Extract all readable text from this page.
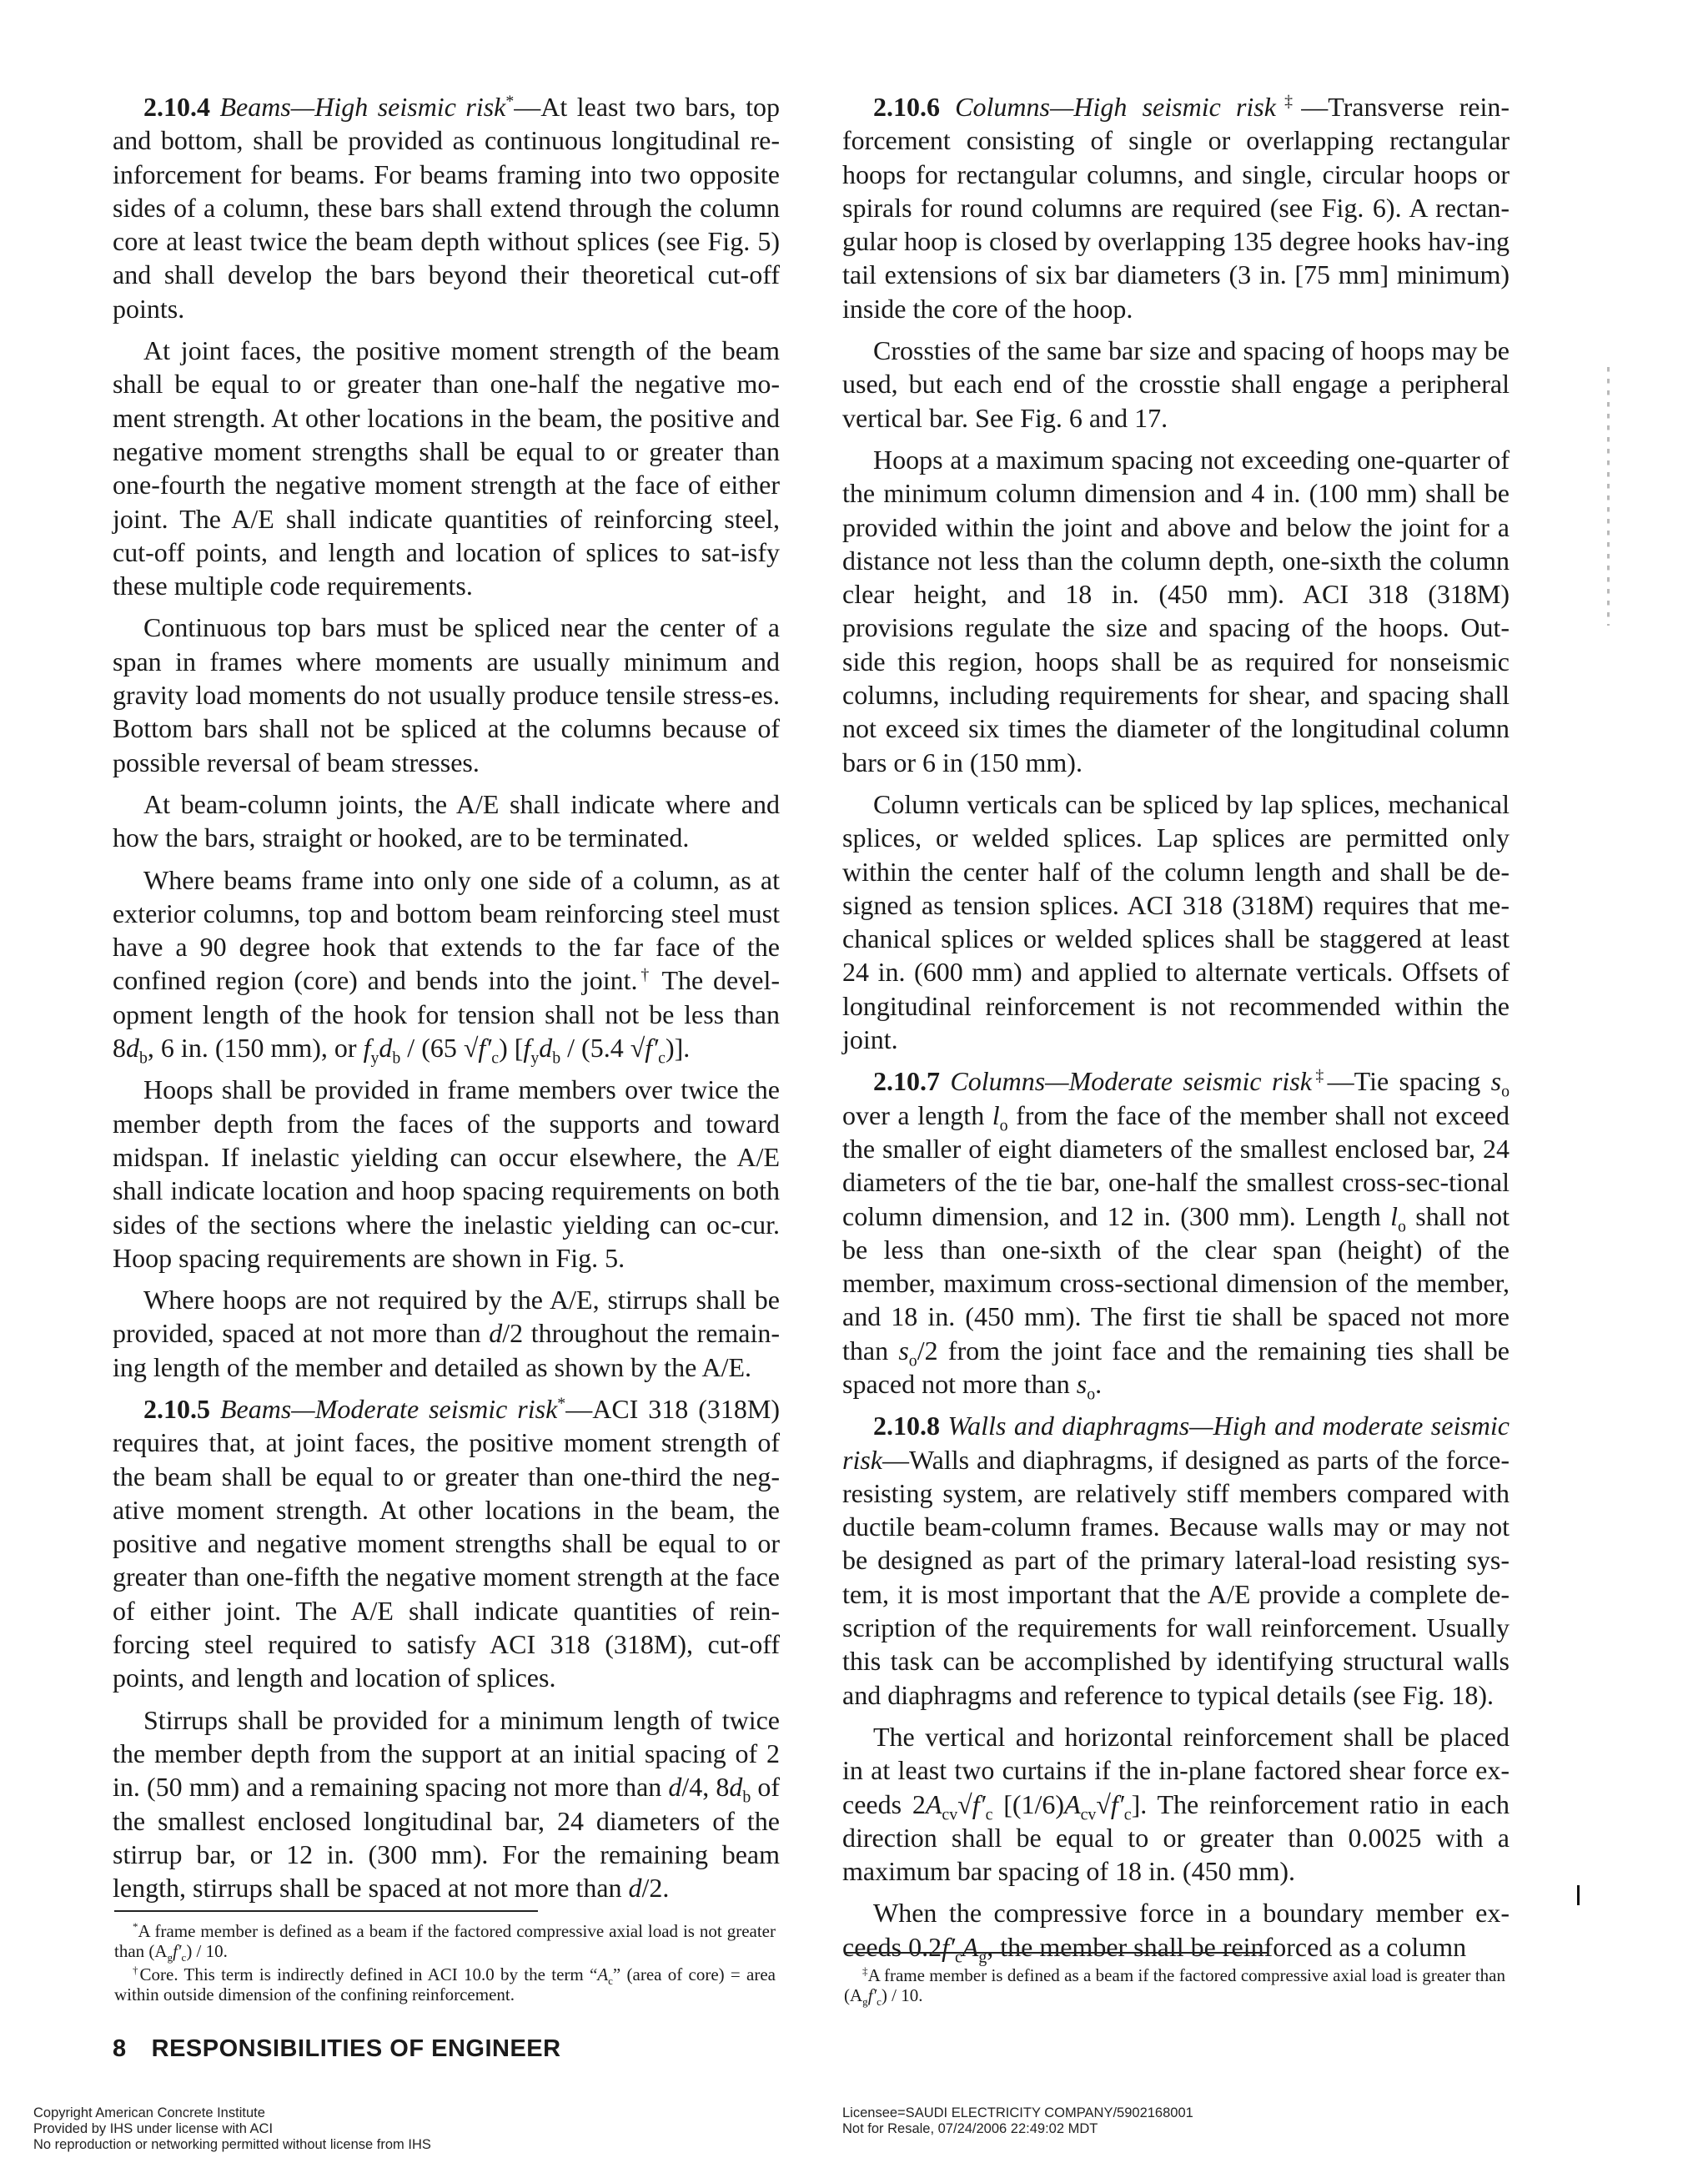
2.10.4 Beams—High seismic risk*—At least two bars, top and bottom, shall be provided as continuous longitudinal re-inforcement for beams. For beams framing into two opposite sides of a column, these bars shall extend through the column core at least twice the beam depth without splices (see Fig. 5) and shall develop the bars beyond their theoretical cut-off points.

At joint faces, the positive moment strength of the beam shall be equal to or greater than one-half the negative mo-ment strength. At other locations in the beam, the positive and negative moment strengths shall be equal to or greater than one-fourth the negative moment strength at the face of either joint. The A/E shall indicate quantities of reinforcing steel, cut-off points, and length and location of splices to sat-isfy these multiple code requirements.

Continuous top bars must be spliced near the center of a span in frames where moments are usually minimum and gravity load moments do not usually produce tensile stress-es. Bottom bars shall not be spliced at the columns because of possible reversal of beam stresses.

At beam-column joints, the A/E shall indicate where and how the bars, straight or hooked, are to be terminated.

Where beams frame into only one side of a column, as at exterior columns, top and bottom beam reinforcing steel must have a 90 degree hook that extends to the far face of the confined region (core) and bends into the joint.† The devel-opment length of the hook for tension shall not be less than $8d_b$, 6 in. (150 mm), or $f_yd_b / (65$ $√f'_c$) [$f_yd_b / (5.4$ $√f'_c$)].

Hoops shall be provided in frame members over twice the member depth from the faces of the supports and toward midspan. If inelastic yielding can occur elsewhere, the A/E shall indicate location and hoop spacing requirements on both sides of the sections where the inelastic yielding can oc-cur. Hoop spacing requirements are shown in Fig. 5.

Where hoops are not required by the A/E, stirrups shall be provided, spaced at not more than d/2 throughout the remain-ing length of the member and detailed as shown by the A/E.

2.10.5 Beams—Moderate seismic risk*—ACI 318 (318M) requires that, at joint faces, the positive moment strength of the beam shall be equal to or greater than one-third the neg-ative moment strength. At other locations in the beam, the positive and negative moment strengths shall be equal to or greater than one-fifth the negative moment strength at the face of either joint. The A/E shall indicate quantities of rein-forcing steel required to satisfy ACI 318 (318M), cut-off points, and length and location of splices.

Stirrups shall be provided for a minimum length of twice the member depth from the support at an initial spacing of 2 in. (50 mm) and a remaining spacing not more than d/4, $8d_b$ of the smallest enclosed longitudinal bar, 24 diameters of the stirrup bar, or 12 in. (300 mm). For the remaining beam length, stirrups shall be spaced at not more than d/2.

2.10.6 Columns—High seismic risk‡—Transverse rein-forcement consisting of single or overlapping rectangular hoops for rectangular columns, and single, circular hoops or spirals for round columns are required (see Fig. 6). A rectan-gular hoop is closed by overlapping 135 degree hooks hav-ing tail extensions of six bar diameters (3 in. [75 mm] minimum) inside the core of the hoop.

Crossties of the same bar size and spacing of hoops may be used, but each end of the crosstie shall engage a peripheral vertical bar. See Fig. 6 and 17.

Hoops at a maximum spacing not exceeding one-quarter of the minimum column dimension and 4 in. (100 mm) shall be provided within the joint and above and below the joint for a distance not less than the column depth, one-sixth the column clear height, and 18 in. (450 mm). ACI 318 (318M) provisions regulate the size and spacing of the hoops. Out-side this region, hoops shall be as required for nonseismic columns, including requirements for shear, and spacing shall not exceed six times the diameter of the longitudinal column bars or 6 in (150 mm).

Column verticals can be spliced by lap splices, mechanical splices, or welded splices. Lap splices are permitted only within the center half of the column length and shall be de-signed as tension splices. ACI 318 (318M) requires that me-chanical splices or welded splices shall be staggered at least 24 in. (600 mm) and applied to alternate verticals. Offsets of longitudinal reinforcement is not recommended within the joint.

2.10.7 Columns—Moderate seismic risk‡—Tie spacing $s_o$ over a length $l_o$ from the face of the member shall not exceed the smaller of eight diameters of the smallest enclosed bar, 24 diameters of the tie bar, one-half the smallest cross-sec-tional column dimension, and 12 in. (300 mm). Length $l_o$ shall not be less than one-sixth of the clear span (height) of the member, maximum cross-sectional dimension of the member, and 18 in. (450 mm). The first tie shall be spaced not more than $s_o/2$ from the joint face and the remaining ties shall be spaced not more than $s_o$.

2.10.8 Walls and diaphragms—High and moderate seismic risk—Walls and diaphragms, if designed as parts of the force-resisting system, are relatively stiff members compared with ductile beam-column frames. Because walls may or may not be designed as part of the primary lateral-load resisting sys-tem, it is most important that the A/E provide a complete de-scription of the requirements for wall reinforcement. Usually this task can be accomplished by identifying structural walls and diaphragms and reference to typical details (see Fig. 18).

The vertical and horizontal reinforcement shall be placed in at least two curtains if the in-plane factored shear force ex-ceeds $2A_{cv}√f'_c$ $[(1/6)A_{cv}√f'_c]$. The reinforcement ratio in each direction shall be equal to or greater than 0.0025 with a maximum bar spacing of 18 in. (450 mm).

When the compressive force in a boundary member ex-ceeds $0.2f'_cA_g$, the member shall be reinforced as a column

*A frame member is defined as a beam if the factored compressive axial load is not greater than $(A_gf'_c) / 10$.

†Core. This term is indirectly defined in ACI 10.0 by the term “$A_c$” (area of core) = area within outside dimension of the confining reinforcement.

‡A frame member is defined as a beam if the factored compressive axial load is greater than $(A_gf'_c) / 10$.

8 RESPONSIBILITIES OF ENGINEER
Copyright American Concrete Institute
Provided by IHS under license with ACI
No reproduction or networking permitted without license from IHS
Licensee=SAUDI ELECTRICITY COMPANY/5902168001
Not for Resale, 07/24/2006 22:49:02 MDT
